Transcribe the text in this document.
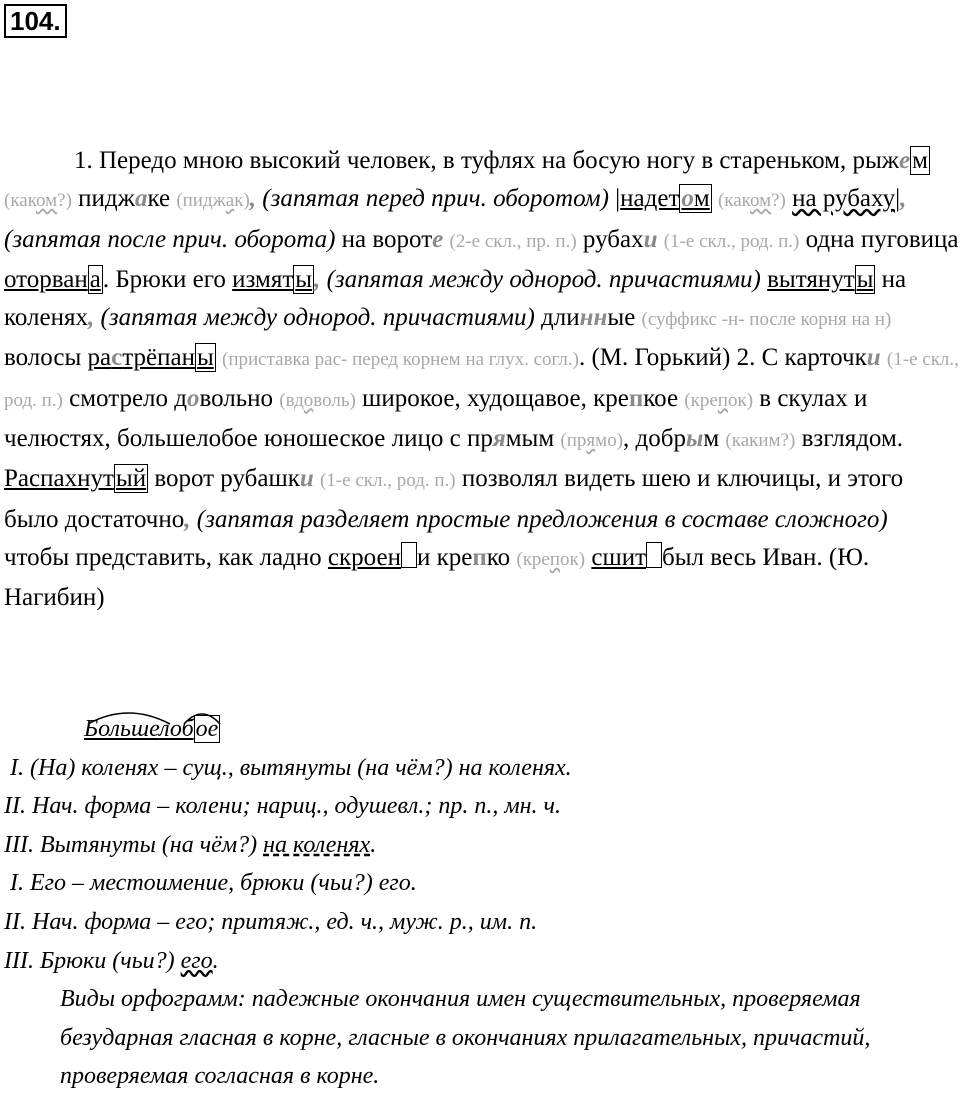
104.

1. Передо мною высокий человек, в туфлях на босую ногу в стареньком, рыжем (каком?) пиджаке (пиджак), (запятая перед прич. оборотом) |надетом (каком?) на рубаху|, (запятая после прич. оборота) на вороте (2-е скл., пр. п.) рубахи (1-е скл., род. п.) одна пуговица оторвана. Брюки его измяты, (запятая между однород. причастиями) вытянуты на коленях, (запятая между однород. причастиями) длинные (суффикс -н- после корня на н) волосы растрёпаны (приставка рас- перед корнем на глух. согл.). (М. Горький) 2. С карточки (1-е скл., род. п.) смотрело довольно (вдоволь) широкое, худощавое, крепкое (крепок) в скулах и челюстях, большелобое юношеское лицо с прямым (прямо), добрым (каким?) взглядом. Распахнутый ворот рубашки (1-е скл., род. п.) позволял видеть шею и ключицы, и этого было достаточно, (запятая разделяет простые предложения в составе сложного) чтобы представить, как ладно скроен и крепко (крепок) сшит был весь Иван. (Ю. Нагибин)

Большелобое
I. (На) коленях – сущ., вытянуты (на чём?) на коленях.
II. Нач. форма – колени; нариц., одушевл.; пр. п., мн. ч.
III. Вытянуты (на чём?) на коленях.
I. Его – местоимение, брюки (чьи?) его.
II. Нач. форма – его; притяж., ед. ч., муж. р., им. п.
III. Брюки (чьи?) его.
Виды орфограмм: падежные окончания имен существительных, проверяемая безударная гласная в корне, гласные в окончаниях прилагательных, причастий, проверяемая согласная в корне.
